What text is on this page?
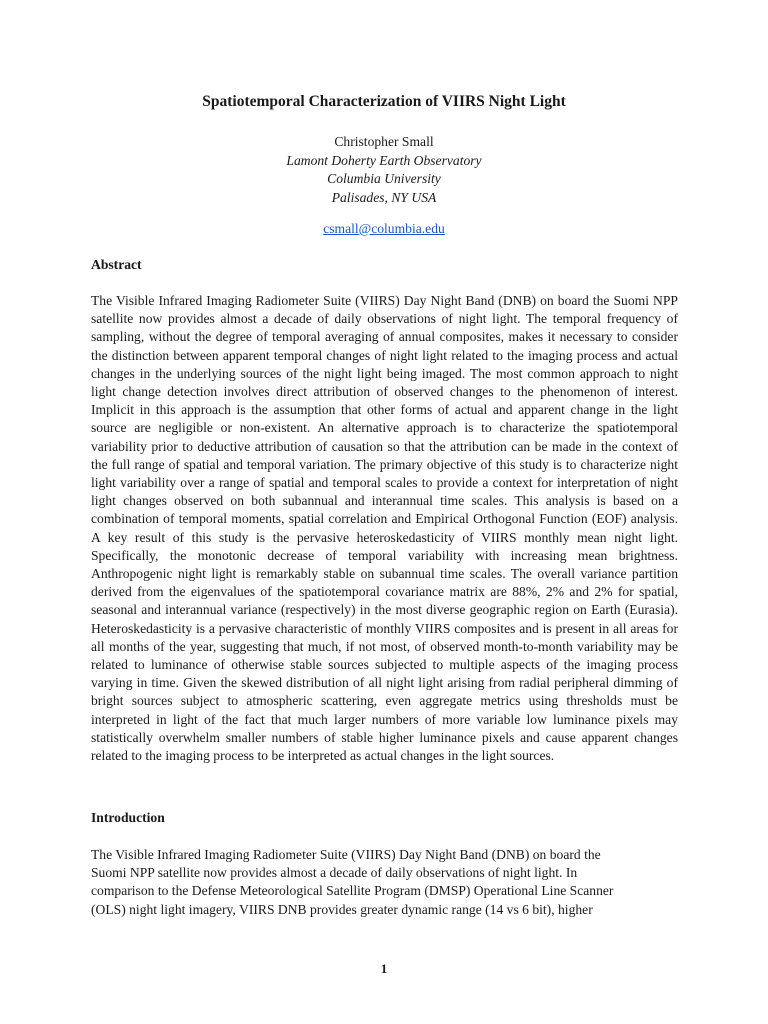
Spatiotemporal Characterization of VIIRS Night Light
Christopher Small
Lamont Doherty Earth Observatory
Columbia University
Palisades, NY USA
csmall@columbia.edu
Abstract

The Visible Infrared Imaging Radiometer Suite (VIIRS) Day Night Band (DNB) on board the Suomi NPP satellite now provides almost a decade of daily observations of night light. The temporal frequency of sampling, without the degree of temporal averaging of annual composites, makes it necessary to consider the distinction between apparent temporal changes of night light related to the imaging process and actual changes in the underlying sources of the night light being imaged. The most common approach to night light change detection involves direct attribution of observed changes to the phenomenon of interest. Implicit in this approach is the assumption that other forms of actual and apparent change in the light source are negligible or non-existent. An alternative approach is to characterize the spatiotemporal variability prior to deductive attribution of causation so that the attribution can be made in the context of the full range of spatial and temporal variation. The primary objective of this study is to characterize night light variability over a range of spatial and temporal scales to provide a context for interpretation of night light changes observed on both subannual and interannual time scales. This analysis is based on a combination of temporal moments, spatial correlation and Empirical Orthogonal Function (EOF) analysis. A key result of this study is the pervasive heteroskedasticity of VIIRS monthly mean night light. Specifically, the monotonic decrease of temporal variability with increasing mean brightness. Anthropogenic night light is remarkably stable on subannual time scales. The overall variance partition derived from the eigenvalues of the spatiotemporal covariance matrix are 88%, 2% and 2% for spatial, seasonal and interannual variance (respectively) in the most diverse geographic region on Earth (Eurasia). Heteroskedasticity is a pervasive characteristic of monthly VIIRS composites and is present in all areas for all months of the year, suggesting that much, if not most, of observed month-to-month variability may be related to luminance of otherwise stable sources subjected to multiple aspects of the imaging process varying in time. Given the skewed distribution of all night light arising from radial peripheral dimming of bright sources subject to atmospheric scattering, even aggregate metrics using thresholds must be interpreted in light of the fact that much larger numbers of more variable low luminance pixels may statistically overwhelm smaller numbers of stable higher luminance pixels and cause apparent changes related to the imaging process to be interpreted as actual changes in the light sources.

Introduction
The Visible Infrared Imaging Radiometer Suite (VIIRS) Day Night Band (DNB) on board the
Suomi NPP satellite now provides almost a decade of daily observations of night light. In
comparison to the Defense Meteorological Satellite Program (DMSP) Operational Line Scanner
(OLS) night light imagery, VIIRS DNB provides greater dynamic range (14 vs 6 bit), higher
1
